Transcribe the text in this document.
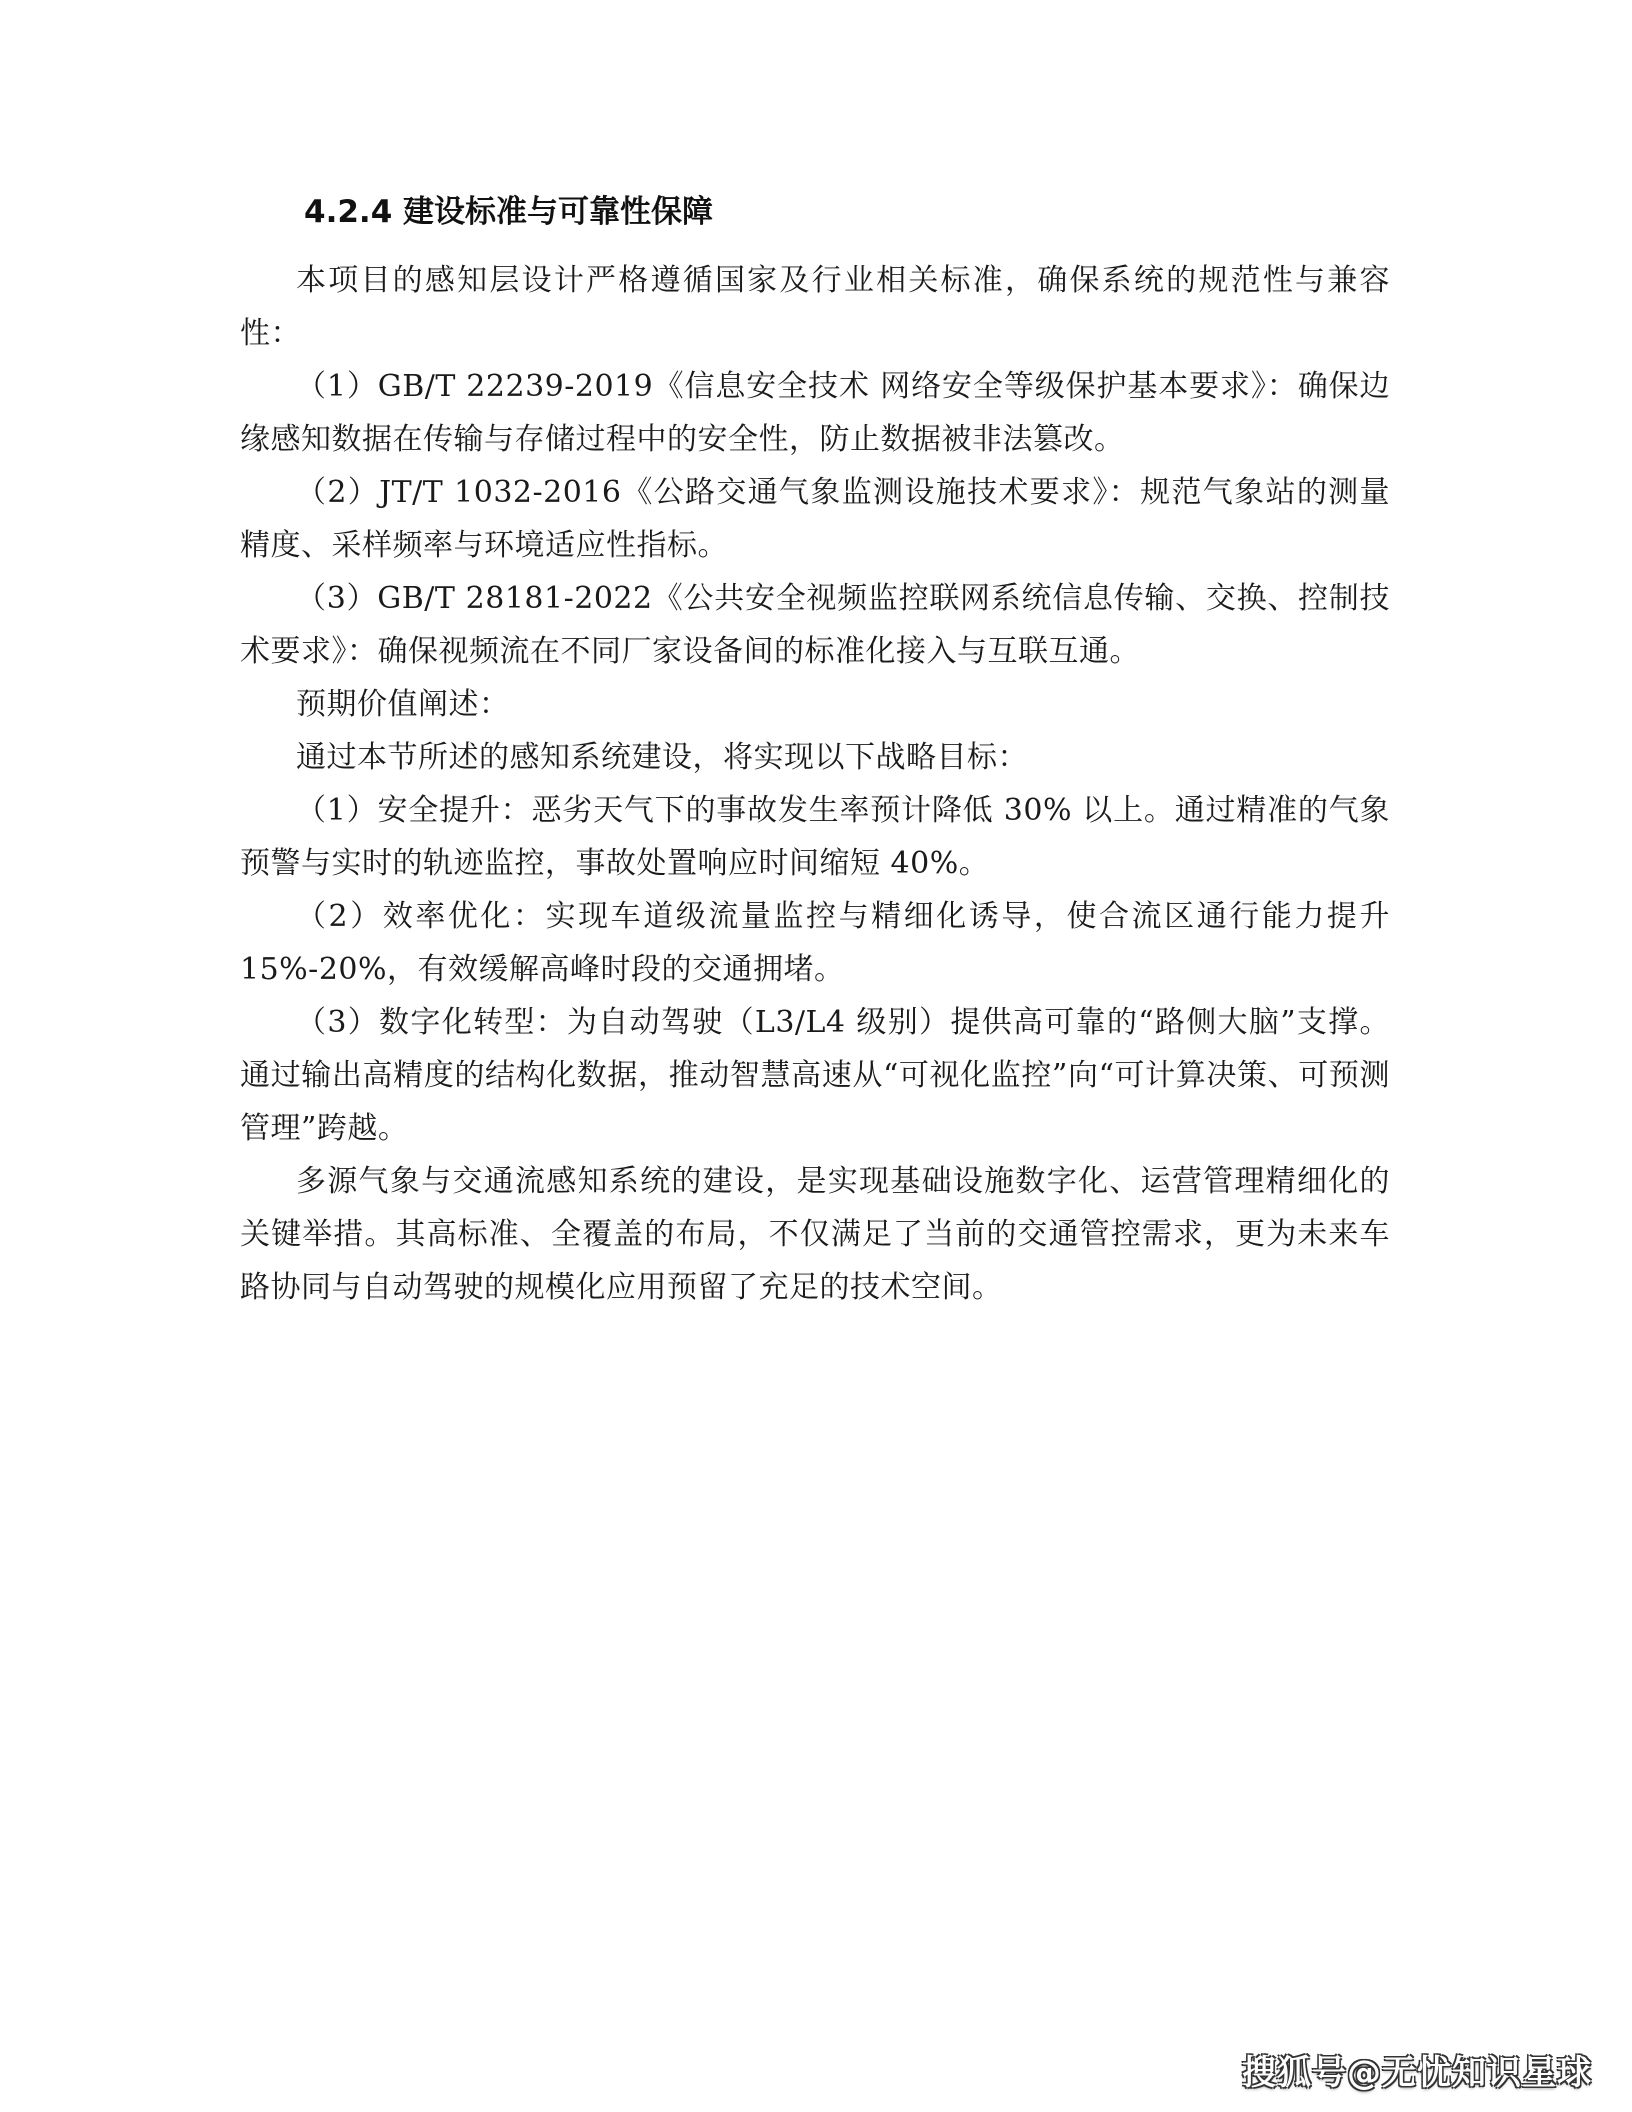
4.2.4 建设标准与可靠性保障

本项目的感知层设计严格遵循国家及行业相关标准，确保系统的规范性与兼容性：

（1）GB/T 22239-2019《信息安全技术 网络安全等级保护基本要求》：确保边缘感知数据在传输与存储过程中的安全性，防止数据被非法篡改。

（2）JT/T 1032-2016《公路交通气象监测设施技术要求》：规范气象站的测量精度、采样频率与环境适应性指标。

（3）GB/T 28181-2022《公共安全视频监控联网系统信息传输、交换、控制技术要求》：确保视频流在不同厂家设备间的标准化接入与互联互通。

预期价值阐述：

通过本节所述的感知系统建设，将实现以下战略目标：

（1）安全提升：恶劣天气下的事故发生率预计降低 30% 以上。通过精准的气象预警与实时的轨迹监控，事故处置响应时间缩短 40%。

（2）效率优化：实现车道级流量监控与精细化诱导，使合流区通行能力提升15%-20%，有效缓解高峰时段的交通拥堵。

（3）数字化转型：为自动驾驶（L3/L4 级别）提供高可靠的“路侧大脑”支撑。通过输出高精度的结构化数据，推动智慧高速从“可视化监控”向“可计算决策、可预测管理”跨越。

多源气象与交通流感知系统的建设，是实现基础设施数字化、运营管理精细化的关键举措。其高标准、全覆盖的布局，不仅满足了当前的交通管控需求，更为未来车路协同与自动驾驶的规模化应用预留了充足的技术空间。

搜狐号@无忧知识星球
